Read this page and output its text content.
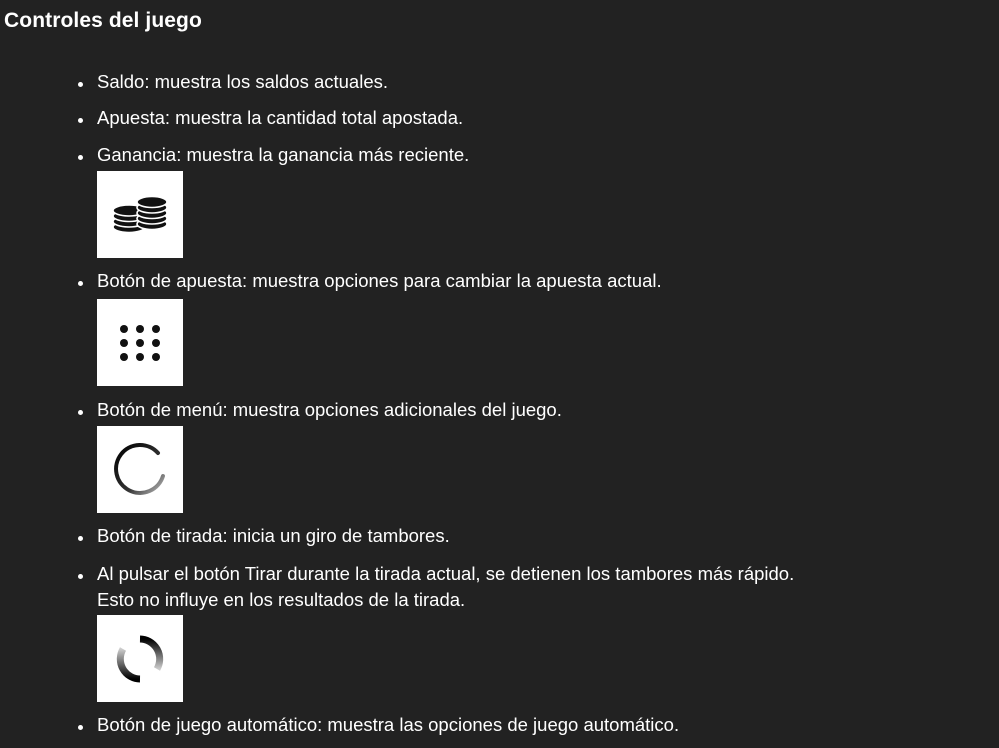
Controles del juego
Saldo: muestra los saldos actuales.
Apuesta: muestra la cantidad total apostada.
Ganancia: muestra la ganancia más reciente.
Botón de apuesta: muestra opciones para cambiar la apuesta actual.
Botón de menú: muestra opciones adicionales del juego.
Botón de tirada: inicia un giro de tambores.
Al pulsar el botón Tirar durante la tirada actual, se detienen los tambores más rápido.
Esto no influye en los resultados de la tirada.
Botón de juego automático: muestra las opciones de juego automático.
